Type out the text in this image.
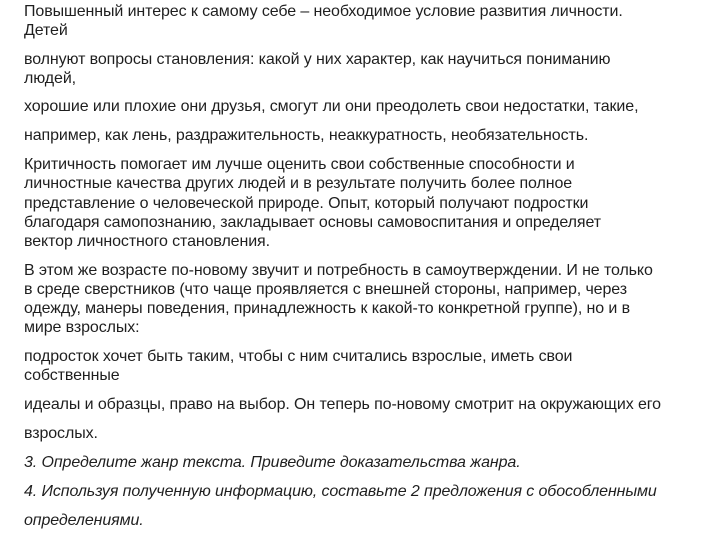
Повышенный интерес к самому себе – необходимое условие развития личности.
Детей
волнуют вопросы становления: какой у них характер, как научиться пониманию
людей,
хорошие или плохие они друзья, смогут ли они преодолеть свои недостатки, такие,
например, как лень, раздражительность, неаккуратность, необязательность.
Критичность помогает им лучше оценить свои собственные способности и
личностные качества других людей и в результате получить более полное
представление о человеческой природе. Опыт, который получают подростки
благодаря самопознанию, закладывает основы самовоспитания и определяет
вектор личностного становления.
В этом же возрасте по-новому звучит и потребность в самоутверждении. И не только
в среде сверстников (что чаще проявляется с внешней стороны, например, через
одежду, манеры поведения, принадлежность к какой-то конкретной группе), но и в
мире взрослых:
подросток хочет быть таким, чтобы с ним считались взрослые, иметь свои
собственные
идеалы и образцы, право на выбор. Он теперь по-новому смотрит на окружающих его
взрослых.
3. Определите жанр текста. Приведите доказательства жанра.
4. Используя полученную информацию, составьте 2 предложения с обособленными
определениями.
